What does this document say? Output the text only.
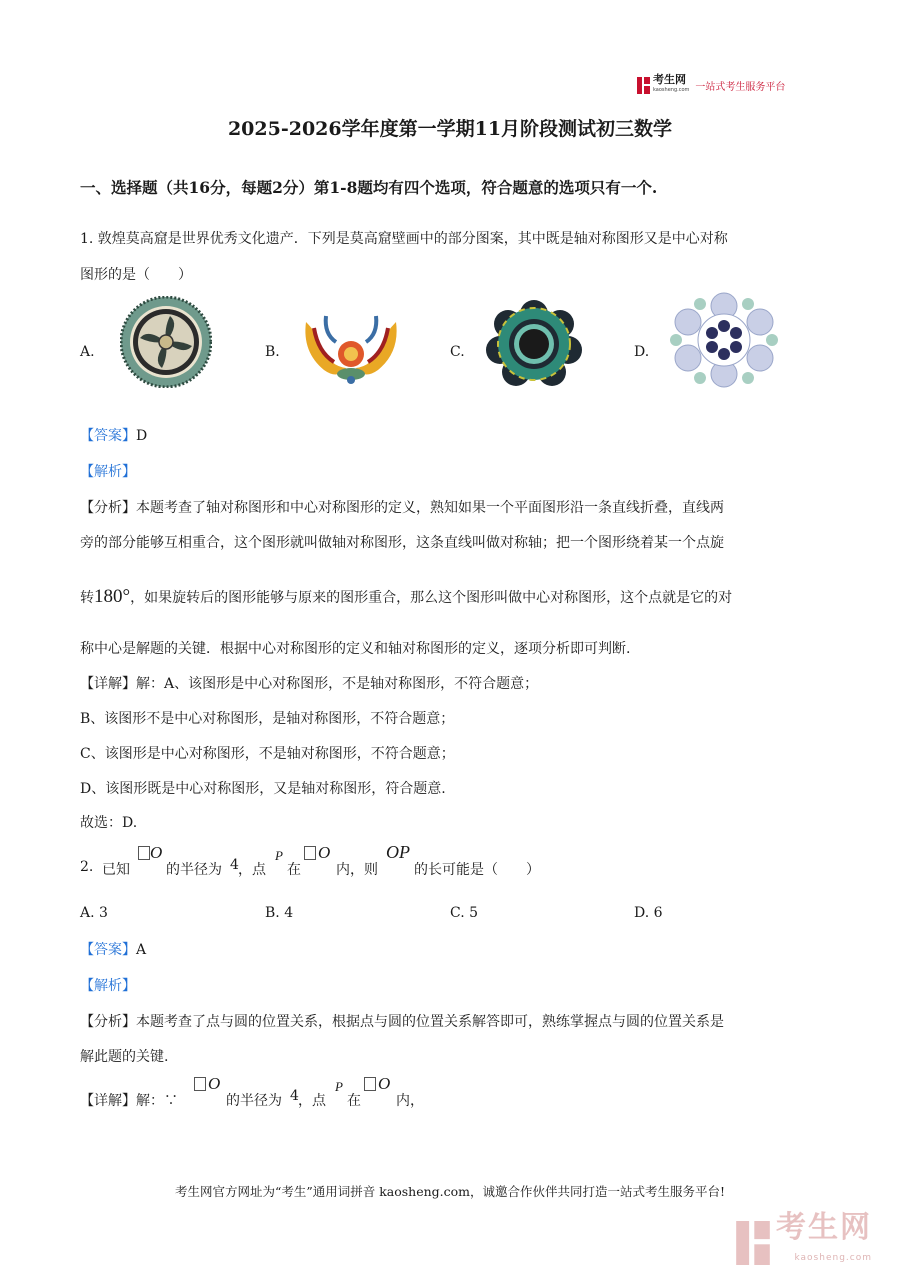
考生网
kaosheng.com 一站式考生服务平台
2025-2026学年度第一学期11月阶段测试初三数学
一、选择题（共16分，每题2分）第1-8题均有四个选项，符合题意的选项只有一个.
1. 敦煌莫高窟是世界优秀文化遗产．下列是莫高窟壁画中的部分图案，其中既是轴对称图形又是中心对称
图形的是（　　）
A.	B.	C.	D.
【答案】D
【解析】
【分析】本题考查了轴对称图形和中心对称图形的定义，熟知如果一个平面图形沿一条直线折叠，直线两
旁的部分能够互相重合，这个图形就叫做轴对称图形，这条直线叫做对称轴；把一个图形绕着某一个点旋
转180°，如果旋转后的图形能够与原来的图形重合，那么这个图形叫做中心对称图形，这个点就是它的对
称中心是解题的关键．根据中心对称图形的定义和轴对称图形的定义，逐项分析即可判断.
【详解】解：A、该图形是中心对称图形，不是轴对称图形，不符合题意；
B、该图形不是中心对称图形，是轴对称图形，不符合题意；
C、该图形是中心对称图形，不是轴对称图形，不符合题意；
D、该图形既是中心对称图形，又是轴对称图形，符合题意.
故选：D.
2. 已知
O
的半径为 4 ，点
P
在
O
内，则
OP
的长可能是（　　）
A. 3	B. 4	C. 5	D. 6
【答案】A
【解析】
【分析】本题考查了点与圆的位置关系，根据点与圆的位置关系解答即可，熟练掌握点与圆的位置关系是
解此题的关键.
【详解】解：∵
O
的半径为 4 ，点
P
在
O
内，
考生网官方网址为“考生”通用词拼音 kaosheng.com，诚邀合作伙伴共同打造一站式考生服务平台!
考生网
kaosheng.com
